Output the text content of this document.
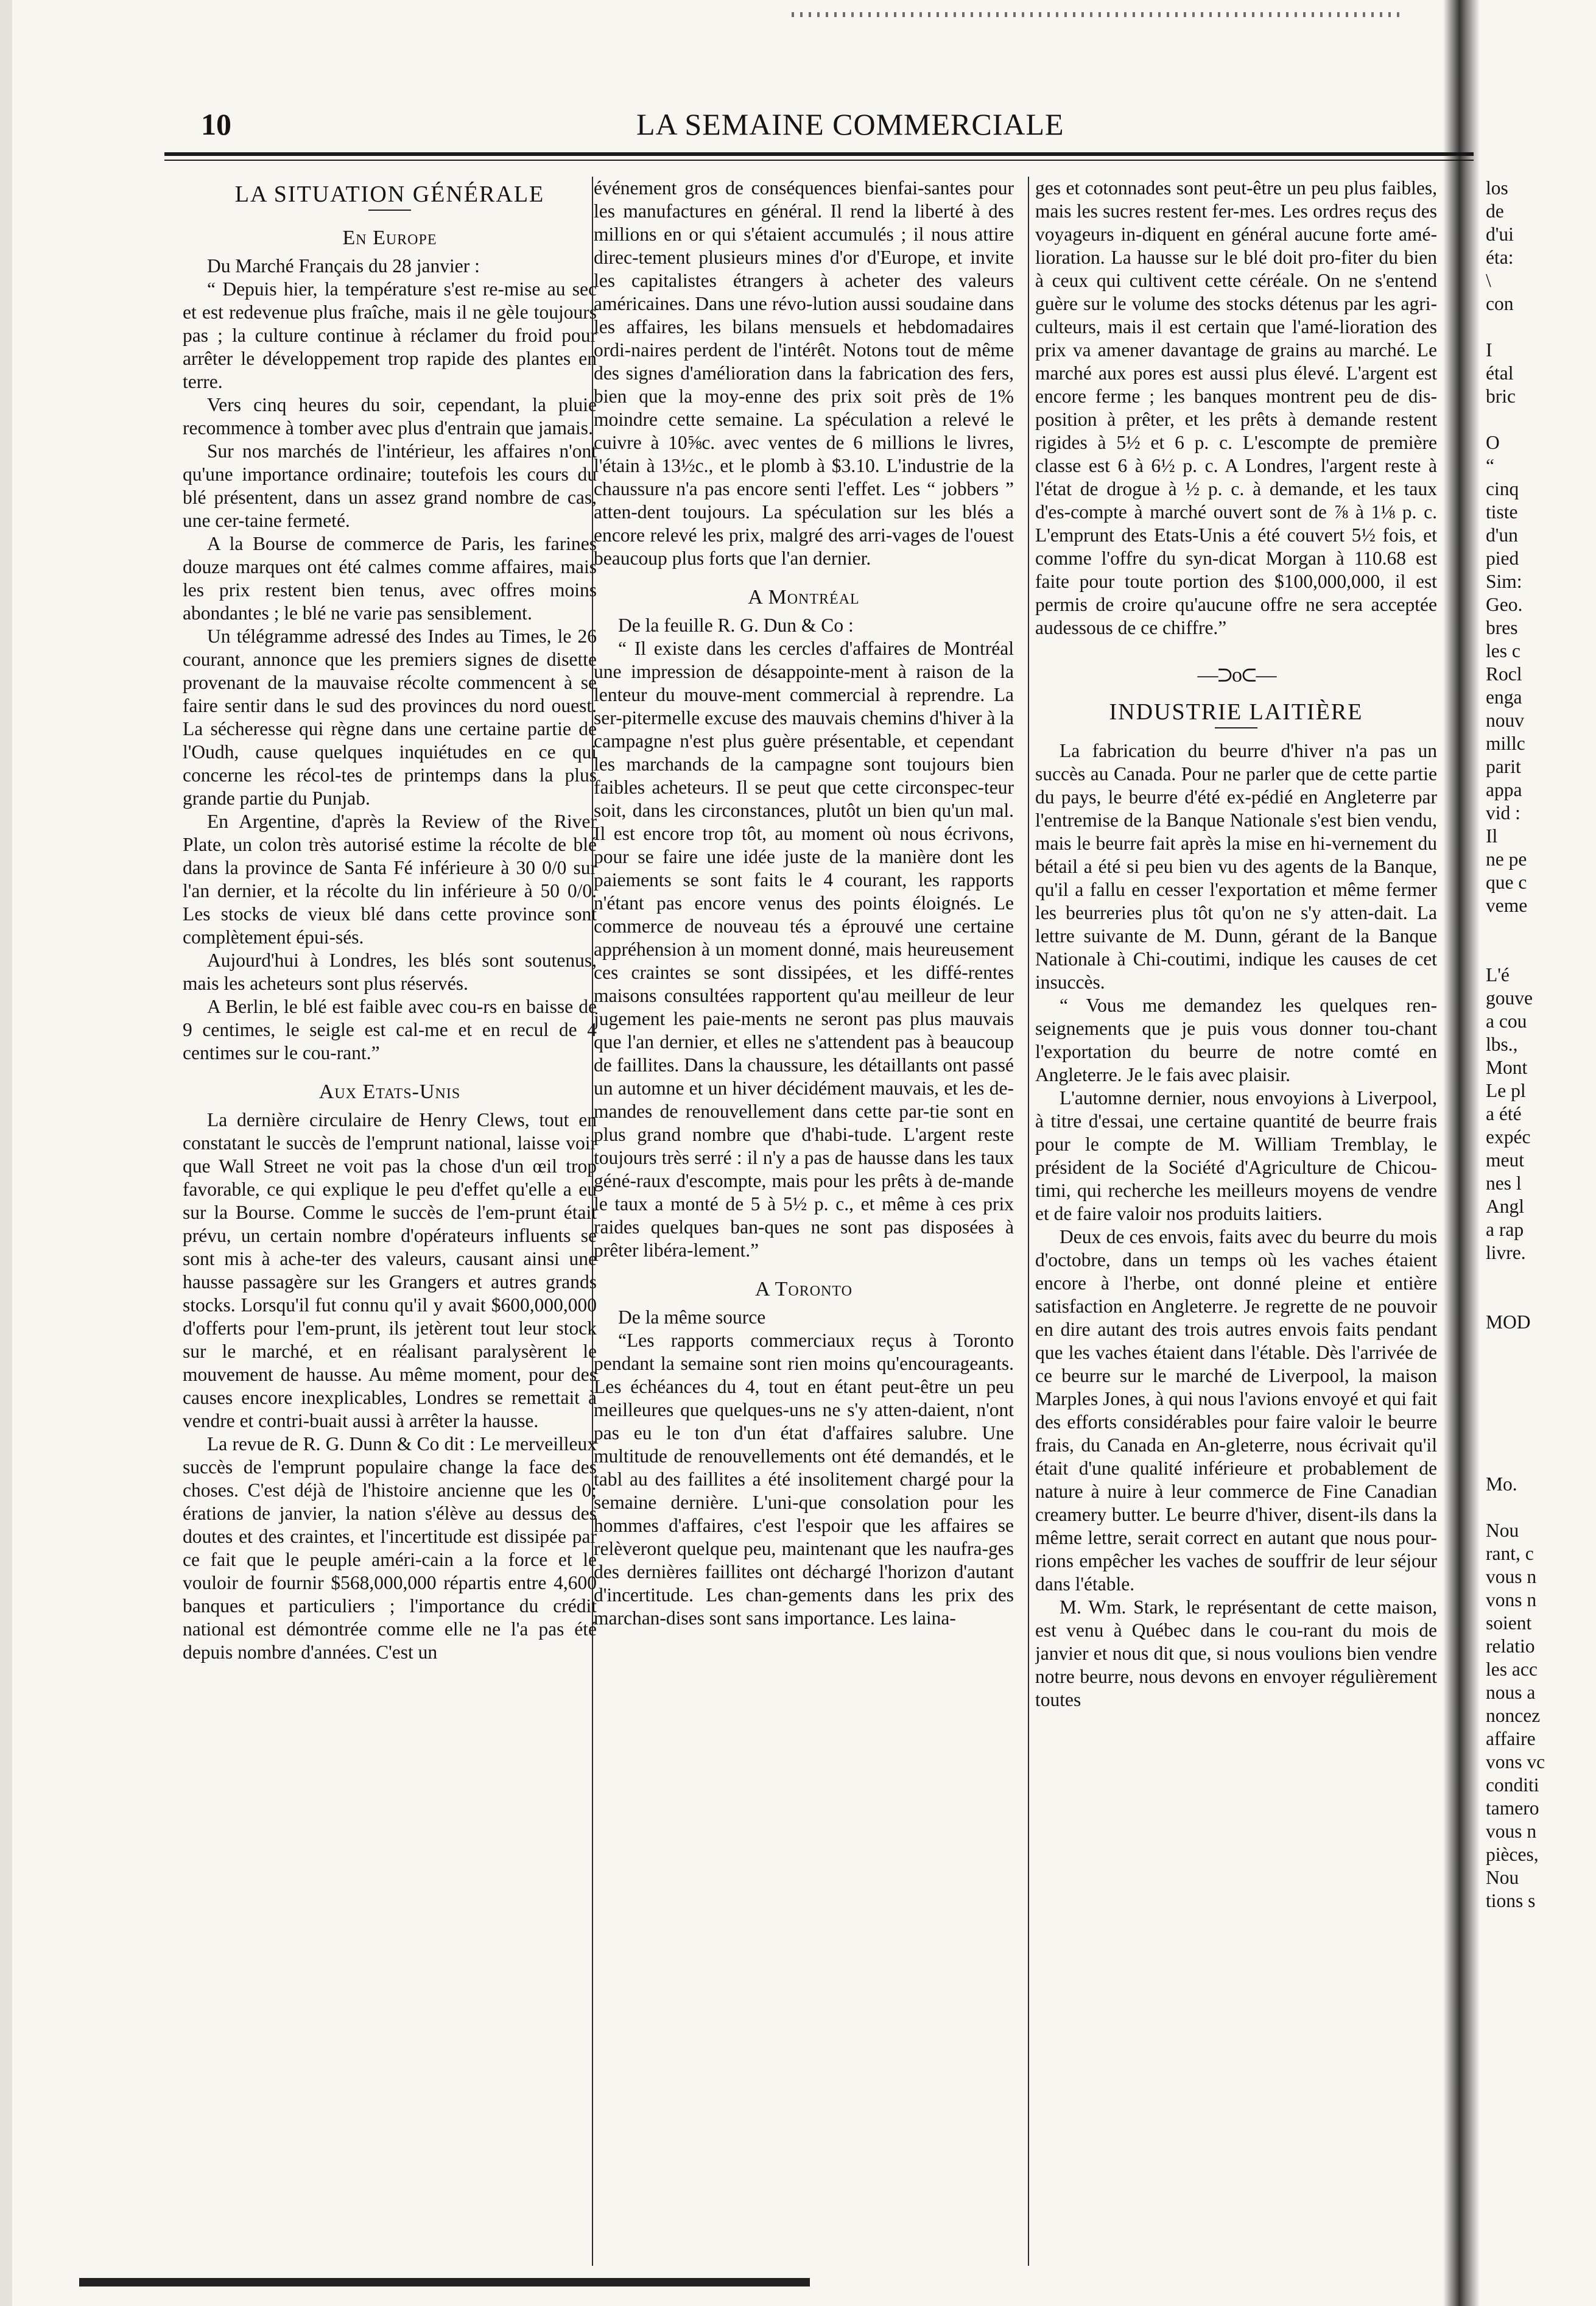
10	LA SEMAINE COMMERCIALE

LA SITUATION GÉNÉRALE

En Europe

Du Marché Français du 28 janvier :

“ Depuis hier, la température s'est re-mise au sec et est redevenue plus fraîche, mais il ne gèle toujours pas ; la culture continue à réclamer du froid pour arrêter le développement trop rapide des plantes en terre.

Vers cinq heures du soir, cependant, la pluie recommence à tomber avec plus d'entrain que jamais.

Sur nos marchés de l'intérieur, les affaires n'ont qu'une importance ordinaire; toutefois les cours du blé présentent, dans un assez grand nombre de cas, une cer-taine fermeté.

A la Bourse de commerce de Paris, les farines douze marques ont été calmes comme affaires, mais les prix restent bien tenus, avec offres moins abondantes ; le blé ne varie pas sensiblement.

Un télégramme adressé des Indes au Times, le 26 courant, annonce que les premiers signes de disette provenant de la mauvaise récolte commencent à se faire sentir dans le sud des provinces du nord ouest. La sécheresse qui règne dans une certaine partie de l'Oudh, cause quelques inquiétudes en ce qui concerne les récol-tes de printemps dans la plus grande partie du Punjab.

En Argentine, d'après la Review of the River Plate, un colon très autorisé estime la récolte de blé dans la province de Santa Fé inférieure à 30 0/0 sur l'an dernier, et la récolte du lin inférieure à 50 0/0. Les stocks de vieux blé dans cette province sont complètement épui-sés.

Aujourd'hui à Londres, les blés sont soutenus, mais les acheteurs sont plus réservés.

A Berlin, le blé est faible avec cou-rs en baisse de 9 centimes, le seigle est cal-me et en recul de 4 centimes sur le cou-rant.”

Aux Etats-Unis

La dernière circulaire de Henry Clews, tout en constatant le succès de l'emprunt national, laisse voir que Wall Street ne voit pas la chose d'un œil trop favorable, ce qui explique le peu d'effet qu'elle a eu sur la Bourse. Comme le succès de l'em-prunt était prévu, un certain nombre d'opérateurs influents se sont mis à ache-ter des valeurs, causant ainsi une hausse passagère sur les Grangers et autres grands stocks. Lorsqu'il fut connu qu'il y avait $600,000,000 d'offerts pour l'em-prunt, ils jetèrent tout leur stock sur le marché, et en réalisant paralysèrent le mouvement de hausse. Au même moment, pour des causes encore inexplicables, Londres se remettait à vendre et contri-buait aussi à arrêter la hausse.

La revue de R. G. Dunn & Co dit : Le merveilleux succès de l'emprunt populaire change la face des choses. C'est déjà de l'histoire ancienne que les 0; érations de janvier, la nation s'élève au dessus des doutes et des craintes, et l'incertitude est dissipée par ce fait que le peuple améri-cain a la force et le vouloir de fournir $568,000,000 répartis entre 4,600 banques et particuliers ; l'importance du crédit national est démontrée comme elle ne l'a pas été depuis nombre d'années. C'est un

événement gros de conséquences bienfai-santes pour les manufactures en général. Il rend la liberté à des millions en or qui s'étaient accumulés ; il nous attire direc-tement plusieurs mines d'or d'Europe, et invite les capitalistes étrangers à acheter des valeurs américaines. Dans une révo-lution aussi soudaine dans les affaires, les bilans mensuels et hebdomadaires ordi-naires perdent de l'intérêt. Notons tout de même des signes d'amélioration dans la fabrication des fers, bien que la moy-enne des prix soit près de 1% moindre cette semaine. La spéculation a relevé le cuivre à 10⅝c. avec ventes de 6 millions le livres, l'étain à 13½c., et le plomb à $3.10. L'industrie de la chaussure n'a pas encore senti l'effet. Les “ jobbers ” atten-dent toujours. La spéculation sur les blés a encore relevé les prix, malgré des arri-vages de l'ouest beaucoup plus forts que l'an dernier.

A Montréal

De la feuille R. G. Dun & Co :

“ Il existe dans les cercles d'affaires de Montréal une impression de désappointe-ment à raison de la lenteur du mouve-ment commercial à reprendre. La ser-pitermelle excuse des mauvais chemins d'hiver à la campagne n'est plus guère présentable, et cependant les marchands de la campagne sont toujours bien faibles acheteurs. Il se peut que cette circonspec-teur soit, dans les circonstances, plutôt un bien qu'un mal. Il est encore trop tôt, au moment où nous écrivons, pour se faire une idée juste de la manière dont les paiements se sont faits le 4 courant, les rapports n'étant pas encore venus des points éloignés. Le commerce de nouveau tés a éprouvé une certaine appréhension à un moment donné, mais heureusement ces craintes se sont dissipées, et les diffé-rentes maisons consultées rapportent qu'au meilleur de leur jugement les paie-ments ne seront pas plus mauvais que l'an dernier, et elles ne s'attendent pas à beaucoup de faillites. Dans la chaussure, les détaillants ont passé un automne et un hiver décidément mauvais, et les de-mandes de renouvellement dans cette par-tie sont en plus grand nombre que d'habi-tude. L'argent reste toujours très serré : il n'y a pas de hausse dans les taux géné-raux d'escompte, mais pour les prêts à de-mande le taux a monté de 5 à 5½ p. c., et même à ces prix raides quelques ban-ques ne sont pas disposées à prêter libéra-lement.”

A Toronto

De la même source

“Les rapports commerciaux reçus à Toronto pendant la semaine sont rien moins qu'encourageants. Les échéances du 4, tout en étant peut-être un peu meilleures que quelques-uns ne s'y atten-daient, n'ont pas eu le ton d'un état d'affaires salubre. Une multitude de renouvellements ont été demandés, et le tabl au des faillites a été insolitement chargé pour la semaine dernière. L'uni-que consolation pour les hommes d'affaires, c'est l'espoir que les affaires se relèveront quelque peu, maintenant que les naufra-ges des dernières faillites ont déchargé l'horizon d'autant d'incertitude. Les chan-gements dans les prix des marchan-dises sont sans importance. Les laina-

ges et cotonnades sont peut-être un peu plus faibles, mais les sucres restent fer-mes. Les ordres reçus des voyageurs in-diquent en général aucune forte amé-lioration. La hausse sur le blé doit pro-fiter du bien à ceux qui cultivent cette céréale. On ne s'entend guère sur le volume des stocks détenus par les agri-culteurs, mais il est certain que l'amé-lioration des prix va amener davantage de grains au marché. Le marché aux pores est aussi plus élevé. L'argent est encore ferme ; les banques montrent peu de dis-position à prêter, et les prêts à demande restent rigides à 5½ et 6 p. c. L'escompte de première classe est 6 à 6½ p. c. A Londres, l'argent reste à l'état de drogue à ½ p. c. à demande, et les taux d'es-compte à marché ouvert sont de ⅞ à 1⅛ p. c. L'emprunt des Etats-Unis a été couvert 5½ fois, et comme l'offre du syn-dicat Morgan à 110.68 est faite pour toute portion des $100,000,000, il est permis de croire qu'aucune offre ne sera acceptée audessous de ce chiffre.”

—⊃o⊂—

INDUSTRIE LAITIÈRE

La fabrication du beurre d'hiver n'a pas un succès au Canada. Pour ne parler que de cette partie du pays, le beurre d'été ex-pédié en Angleterre par l'entremise de la Banque Nationale s'est bien vendu, mais le beurre fait après la mise en hi-vernement du bétail a été si peu bien vu des agents de la Banque, qu'il a fallu en cesser l'exportation et même fermer les beurreries plus tôt qu'on ne s'y atten-dait. La lettre suivante de M. Dunn, gérant de la Banque Nationale à Chi-coutimi, indique les causes de cet insuccès.

“ Vous me demandez les quelques ren-seignements que je puis vous donner tou-chant l'exportation du beurre de notre comté en Angleterre. Je le fais avec plaisir.

L'automne dernier, nous envoyions à Liverpool, à titre d'essai, une certaine quantité de beurre frais pour le compte de M. William Tremblay, le président de la Société d'Agriculture de Chicou-timi, qui recherche les meilleurs moyens de vendre et de faire valoir nos produits laitiers.

Deux de ces envois, faits avec du beurre du mois d'octobre, dans un temps où les vaches étaient encore à l'herbe, ont donné pleine et entière satisfaction en Angleterre. Je regrette de ne pouvoir en dire autant des trois autres envois faits pendant que les vaches étaient dans l'étable. Dès l'arrivée de ce beurre sur le marché de Liverpool, la maison Marples Jones, à qui nous l'avions envoyé et qui fait des efforts considérables pour faire valoir le beurre frais, du Canada en An-gleterre, nous écrivait qu'il était d'une qualité inférieure et probablement de nature à nuire à leur commerce de Fine Canadian creamery butter. Le beurre d'hiver, disent-ils dans la même lettre, serait correct en autant que nous pour-rions empêcher les vaches de souffrir de leur séjour dans l'étable.

M. Wm. Stark, le représentant de cette maison, est venu à Québec dans le cou-rant du mois de janvier et nous dit que, si nous voulions bien vendre notre beurre, nous devons en envoyer régulièrement toutes

los

de

d'ui

éta:

\

con

I

étal

bric

O

“

cinq

tiste

d'un

pied

Sim:

Geo.

bres

les c

Rocl

enga

nouv

millc

parit

appa

vid :

Il

ne pe

que c

veme

L'é

gouve

a cou

lbs.,

Mont

Le pl

a été

expéc

meut

nes l

Angl

a rap

livre.

MOD

Mo.

Nou

rant, c

vous n

vons n

soient

relatio

les acc

nous a

noncez

affaire

vons vc

conditi

tamero

vous n

pièces,

Nou

tions s
